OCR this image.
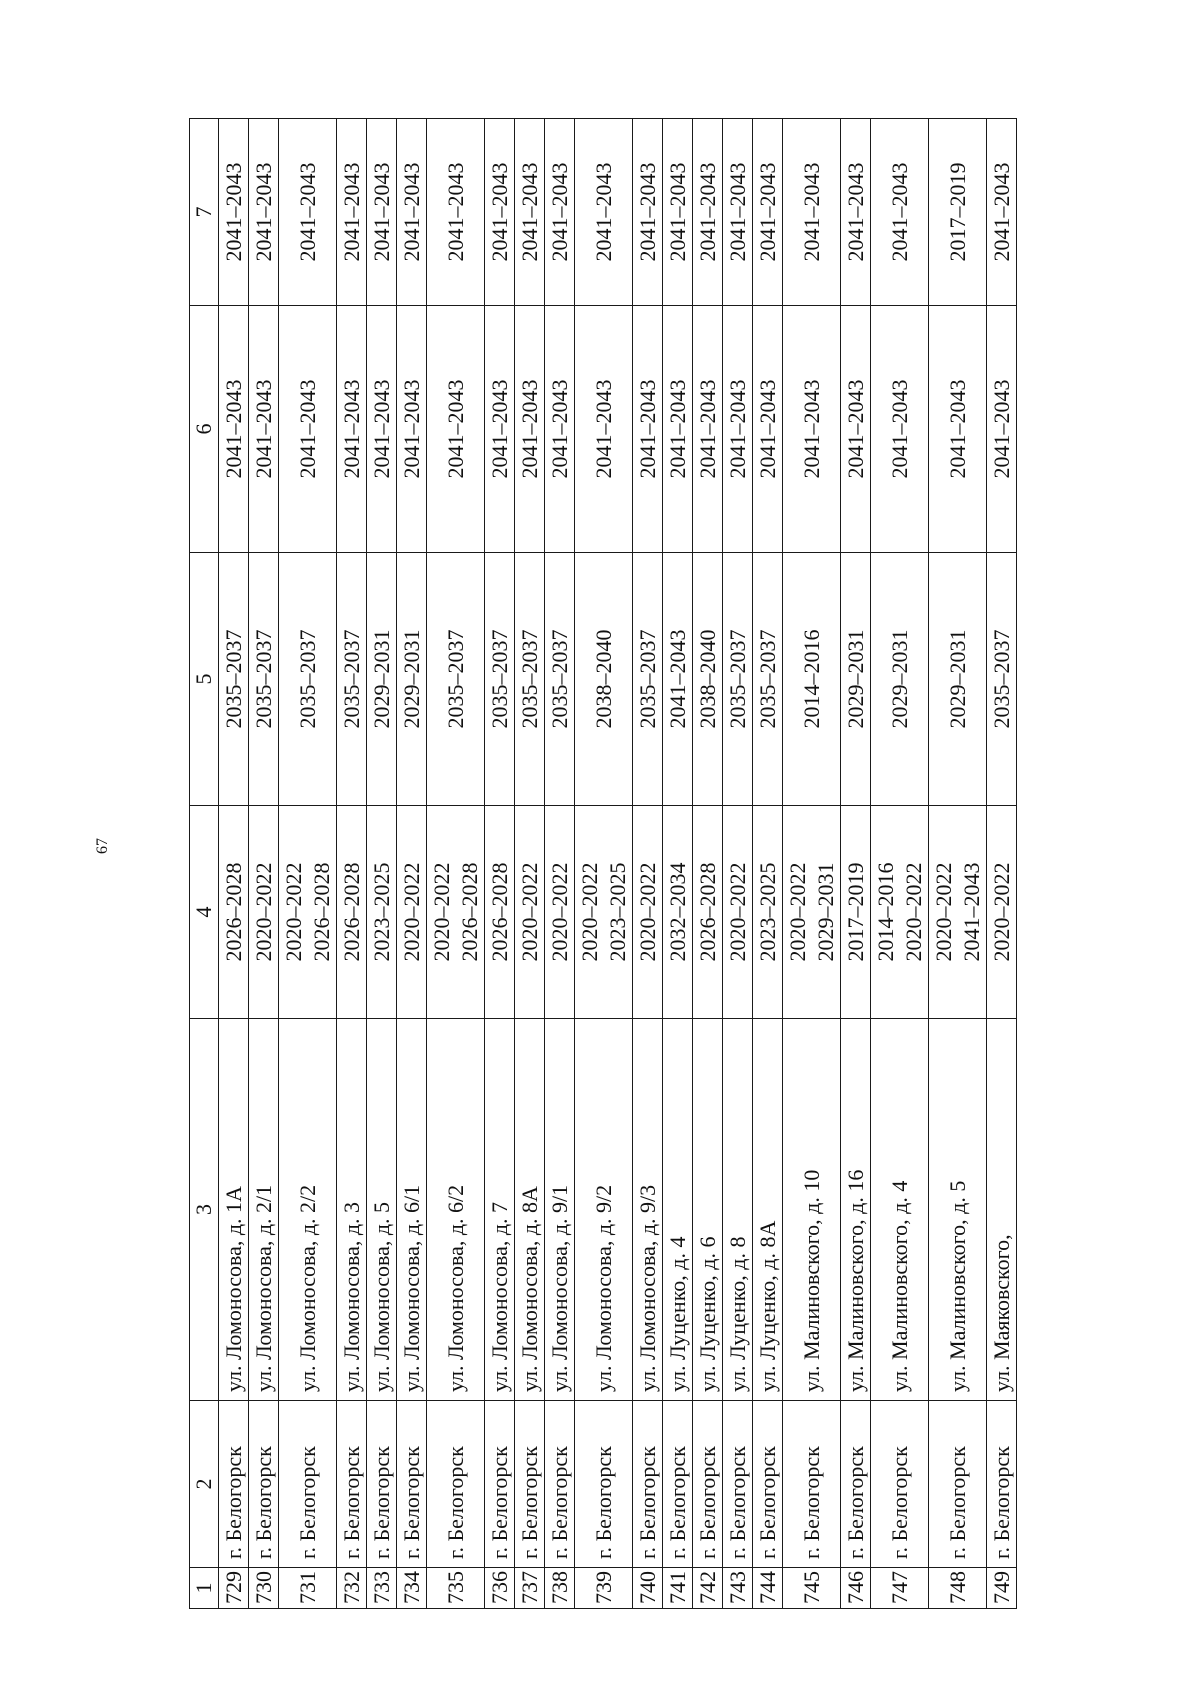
67
1	2	3	4	5	6	7
729	г. Белогорск	ул. Ломоносова, д. 1А	2026–2028	2035–2037	2041–2043	2041–2043
730	г. Белогорск	ул. Ломоносова, д. 2/1	2020–2022	2035–2037	2041–2043	2041–2043
731	г. Белогорск	ул. Ломоносова, д. 2/2	2020–2022 2026–2028	2035–2037	2041–2043	2041–2043
732	г. Белогорск	ул. Ломоносова, д. 3	2026–2028	2035–2037	2041–2043	2041–2043
733	г. Белогорск	ул. Ломоносова, д. 5	2023–2025	2029–2031	2041–2043	2041–2043
734	г. Белогорск	ул. Ломоносова, д. 6/1	2020–2022	2029–2031	2041–2043	2041–2043
735	г. Белогорск	ул. Ломоносова, д. 6/2	2020–2022 2026–2028	2035–2037	2041–2043	2041–2043
736	г. Белогорск	ул. Ломоносова, д. 7	2026–2028	2035–2037	2041–2043	2041–2043
737	г. Белогорск	ул. Ломоносова, д. 8А	2020–2022	2035–2037	2041–2043	2041–2043
738	г. Белогорск	ул. Ломоносова, д. 9/1	2020–2022	2035–2037	2041–2043	2041–2043
739	г. Белогорск	ул. Ломоносова, д. 9/2	2020–2022 2023–2025	2038–2040	2041–2043	2041–2043
740	г. Белогорск	ул. Ломоносова, д. 9/3	2020–2022	2035–2037	2041–2043	2041–2043
741	г. Белогорск	ул. Луценко, д. 4	2032–2034	2041–2043	2041–2043	2041–2043
742	г. Белогорск	ул. Луценко, д. 6	2026–2028	2038–2040	2041–2043	2041–2043
743	г. Белогорск	ул. Луценко, д. 8	2020–2022	2035–2037	2041–2043	2041–2043
744	г. Белогорск	ул. Луценко, д. 8А	2023–2025	2035–2037	2041–2043	2041–2043
745	г. Белогорск	ул. Малиновского, д. 10	2020–2022 2029–2031	2014–2016	2041–2043	2041–2043
746	г. Белогорск	ул. Малиновского, д. 16	2017–2019	2029–2031	2041–2043	2041–2043
747	г. Белогорск	ул. Малиновского, д. 4	2014–2016 2020–2022	2029–2031	2041–2043	2041–2043
748	г. Белогорск	ул. Малиновского, д. 5	2020–2022 2041–2043	2029–2031	2041–2043	2017–2019
749	г. Белогорск	ул. Маяковского,	2020–2022	2035–2037	2041–2043	2041–2043
